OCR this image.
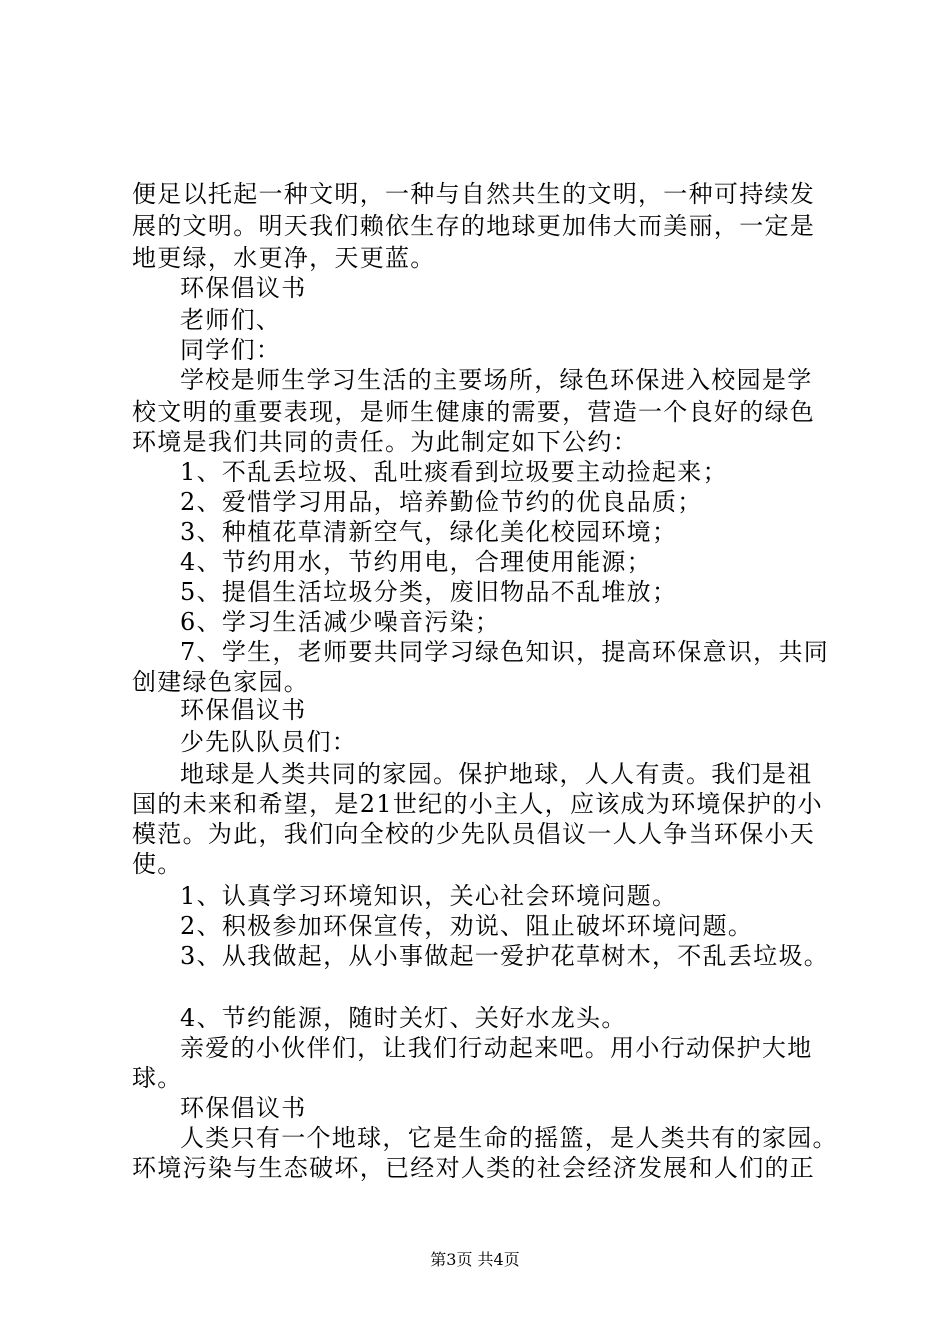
便足以托起一种文明，一种与自然共生的文明，一种可持续发
展的文明。明天我们赖依生存的地球更加伟大而美丽，一定是
地更绿，水更净，天更蓝。
环保倡议书
老师们、
同学们：
学校是师生学习生活的主要场所，绿色环保进入校园是学
校文明的重要表现，是师生健康的需要，营造一个良好的绿色
环境是我们共同的责任。为此制定如下公约：
1、不乱丢垃圾、乱吐痰看到垃圾要主动捡起来；
2、爱惜学习用品，培养勤俭节约的优良品质；
3、种植花草清新空气，绿化美化校园环境；
4、节约用水，节约用电，合理使用能源；
5、提倡生活垃圾分类，废旧物品不乱堆放；
6、学习生活减少噪音污染；
7、学生，老师要共同学习绿色知识，提高环保意识，共同
创建绿色家园。
环保倡议书
少先队队员们：
地球是人类共同的家园。保护地球，人人有责。我们是祖
国的未来和希望，是21世纪的小主人，应该成为环境保护的小
模范。为此，我们向全校的少先队员倡议一人人争当环保小天
使。
1、认真学习环境知识，关心社会环境问题。
2、积极参加环保宣传，劝说、阻止破坏环境问题。
3、从我做起，从小事做起一爱护花草树木，不乱丢垃圾。
4、节约能源，随时关灯、关好水龙头。
亲爱的小伙伴们，让我们行动起来吧。用小行动保护大地
球。
环保倡议书
人类只有一个地球，它是生命的摇篮，是人类共有的家园。
环境污染与生态破坏，已经对人类的社会经济发展和人们的正
第3页 共4页
